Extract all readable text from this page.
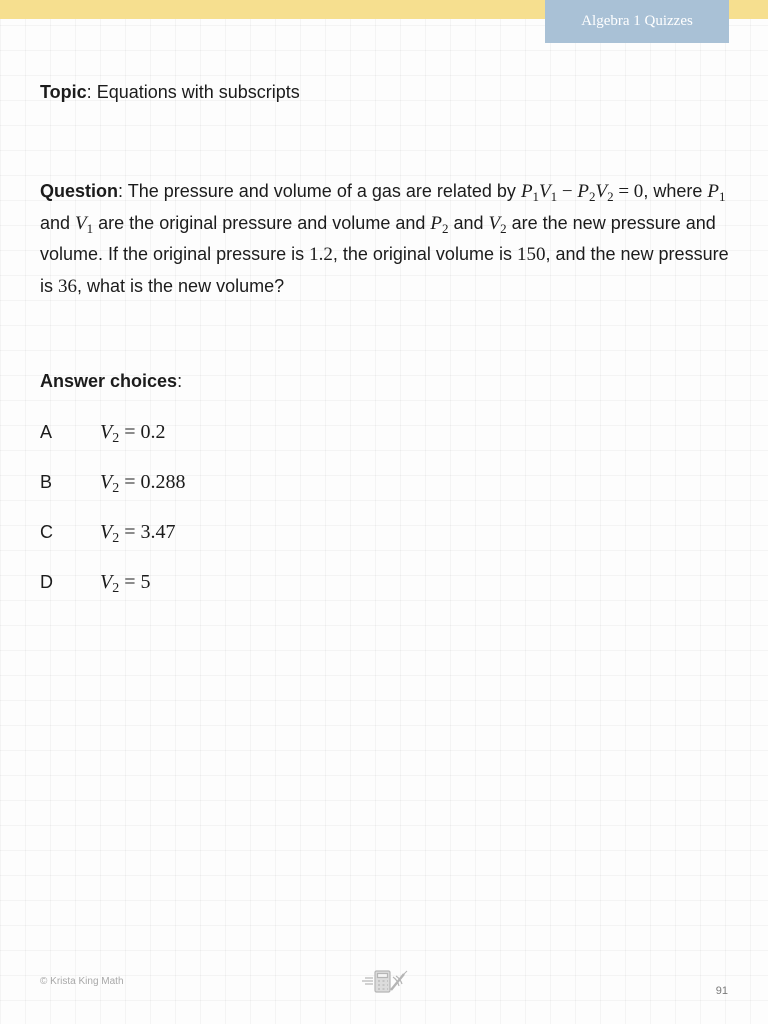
Algebra 1 Quizzes
Topic: Equations with subscripts
Question: The pressure and volume of a gas are related by $P_1V_1 - P_2V_2 = 0$, where $P_1$ and $V_1$ are the original pressure and volume and $P_2$ and $V_2$ are the new pressure and volume. If the original pressure is 1.2, the original volume is 150, and the new pressure is 36, what is the new volume?
Answer choices:
A	$V_2 = 0.2$
B	$V_2 = 0.288$
C	$V_2 = 3.47$
D	$V_2 = 5$
© Krista King Math
91
